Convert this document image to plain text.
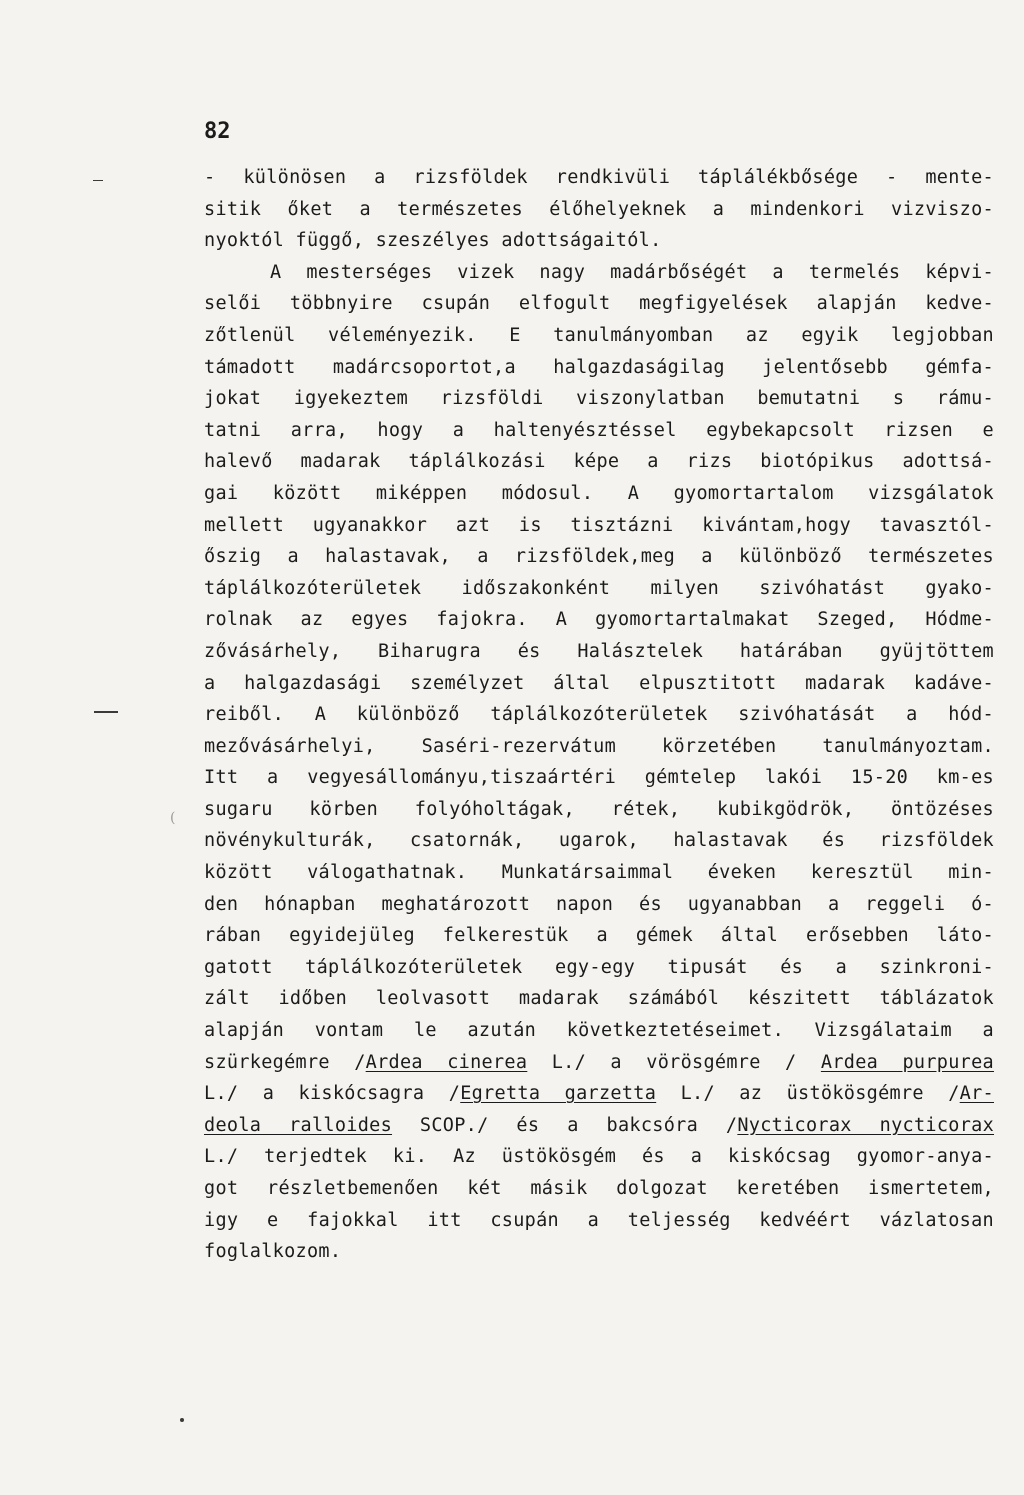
(
82
- különösen a rizsföldek rendkivüli táplálékbősége - mente-
sitik őket a természetes élőhelyeknek a mindenkori vizviszo-
nyoktól függő, szeszélyes adottságaitól.
A mesterséges vizek nagy madárbőségét a termelés képvi-
selői többnyire csupán elfogult megfigyelések alapján kedve-
zőtlenül véleményezik. E tanulmányomban az egyik legjobban
támadott madárcsoportot,a halgazdaságilag jelentősebb gémfa-
jokat igyekeztem rizsföldi viszonylatban bemutatni s rámu-
tatni arra, hogy a haltenyésztéssel egybekapcsolt rizsen e
halevő madarak táplálkozási képe a rizs biotópikus adottsá-
gai között miképpen módosul. A gyomortartalom vizsgálatok
mellett ugyanakkor azt is tisztázni kivántam,hogy tavasztól-
őszig a halastavak, a rizsföldek,meg a különböző természetes
táplálkozóterületek időszakonként milyen szivóhatást gyako-
rolnak az egyes fajokra. A gyomortartalmakat Szeged, Hódme-
zővásárhely, Biharugra és Halásztelek határában gyüjtöttem
a halgazdasági személyzet által elpusztitott madarak kadáve-
reiből. A különböző táplálkozóterületek szivóhatását a hód-
mezővásárhelyi, Saséri-rezervátum körzetében tanulmányoztam.
Itt a vegyesállományu,tiszaártéri gémtelep lakói 15-20 km-es
sugaru körben folyóholtágak, rétek, kubikgödrök, öntözéses
növénykulturák, csatornák, ugarok, halastavak és rizsföldek
között válogathatnak. Munkatársaimmal éveken keresztül min-
den hónapban meghatározott napon és ugyanabban a reggeli ó-
rában egyidejüleg felkerestük a gémek által erősebben láto-
gatott táplálkozóterületek egy-egy tipusát és a szinkroni-
zált időben leolvasott madarak számából készitett táblázatok
alapján vontam le azután következtetéseimet. Vizsgálataim a
szürkegémre /Ardea cinerea L./ a vörösgémre / Ardea purpurea
L./ a kiskócsagra /Egretta garzetta L./ az üstökösgémre /Ar-
deola ralloides SCOP./ és a bakcsóra /Nycticorax nycticorax
L./ terjedtek ki. Az üstökösgém és a kiskócsag gyomor-anya-
got részletbemenően két másik dolgozat keretében ismertetem,
igy e fajokkal itt csupán a teljesség kedvéért vázlatosan
foglalkozom.
